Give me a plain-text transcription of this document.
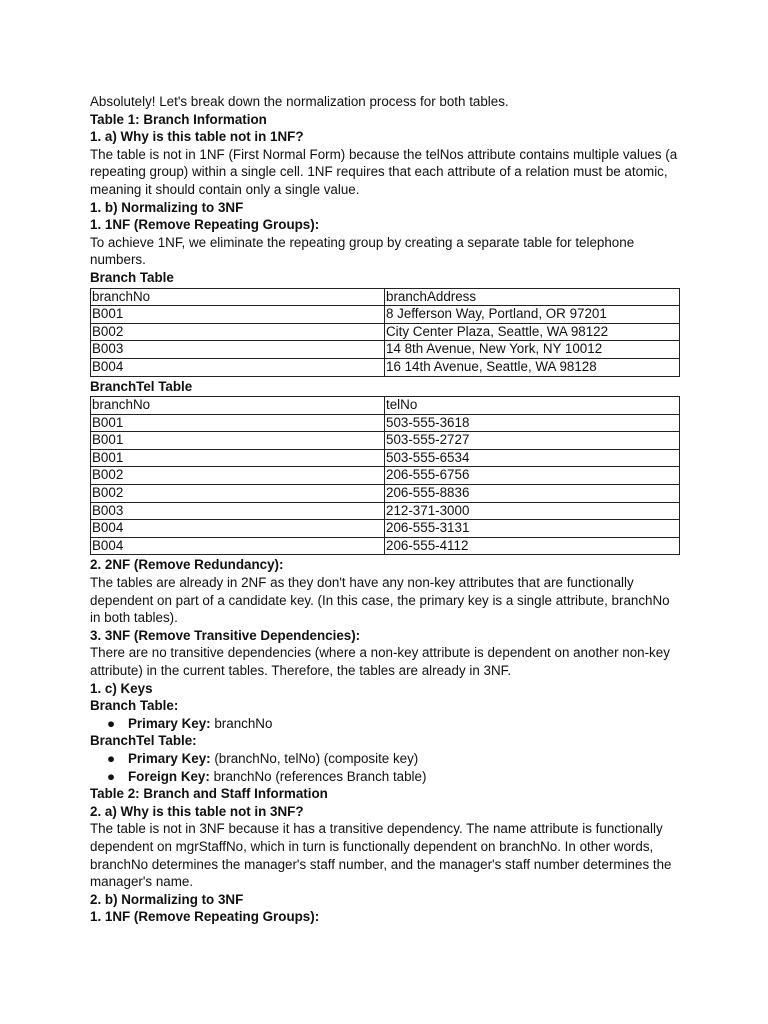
Absolutely! Let's break down the normalization process for both tables.

Table 1: Branch Information

1. a) Why is this table not in 1NF?

The table is not in 1NF (First Normal Form) because the telNos attribute contains multiple values (a repeating group) within a single cell. 1NF requires that each attribute of a relation must be atomic, meaning it should contain only a single value.

1. b) Normalizing to 3NF

1. 1NF (Remove Repeating Groups):

To achieve 1NF, we eliminate the repeating group by creating a separate table for telephone numbers.

Branch Table

branchNo	branchAddress
B001	8 Jefferson Way, Portland, OR 97201
B002	City Center Plaza, Seattle, WA 98122
B003	14 8th Avenue, New York, NY 10012
B004	16 14th Avenue, Seattle, WA 98128

BranchTel Table

branchNo	telNo
B001	503-555-3618
B001	503-555-2727
B001	503-555-6534
B002	206-555-6756
B002	206-555-8836
B003	212-371-3000
B004	206-555-3131
B004	206-555-4112

2. 2NF (Remove Redundancy):

The tables are already in 2NF as they don't have any non-key attributes that are functionally dependent on part of a candidate key. (In this case, the primary key is a single attribute, branchNo in both tables).

3. 3NF (Remove Transitive Dependencies):

There are no transitive dependencies (where a non-key attribute is dependent on another non-key attribute) in the current tables. Therefore, the tables are already in 3NF.

1. c) Keys

Branch Table:

● Primary Key: branchNo

BranchTel Table:

● Primary Key: (branchNo, telNo) (composite key)
● Foreign Key: branchNo (references Branch table)

Table 2: Branch and Staff Information

2. a) Why is this table not in 3NF?

The table is not in 3NF because it has a transitive dependency. The name attribute is functionally dependent on mgrStaffNo, which in turn is functionally dependent on branchNo. In other words, branchNo determines the manager's staff number, and the manager's staff number determines the manager's name.

2. b) Normalizing to 3NF

1. 1NF (Remove Repeating Groups):
